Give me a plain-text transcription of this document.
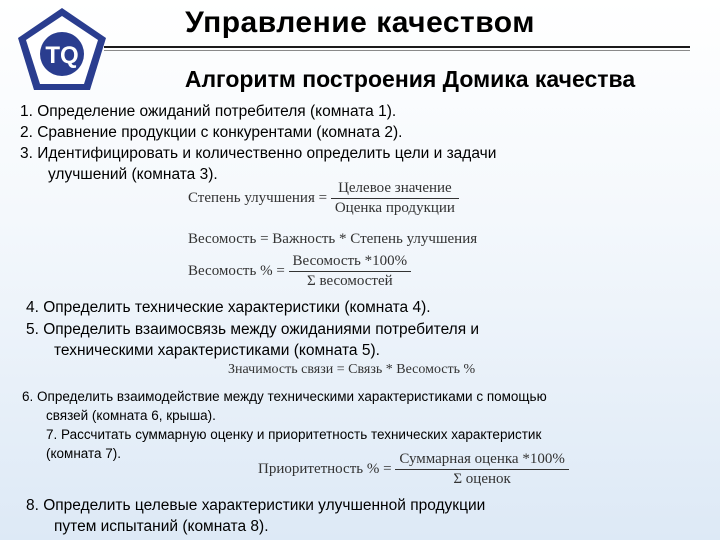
ТQ
Управление качеством
Алгоритм построения Домика качества
1. Определение ожиданий потребителя (комната 1).
2. Сравнение продукции с конкурентами (комната 2).
3. Идентифицировать и количественно определить цели и задачи
улучшений (комната 3).
Степень улучшения = $\frac{\text{Целевое значение}}{\text{Оценка продукции}}$
Весомость = Важность * Степень улучшения
Весомость % = $\frac{\text{Весомость *100\%}}{\text{Σ весомостей}}$
4. Определить технические характеристики (комната 4).
5. Определить взаимосвязь между ожиданиями потребителя и
техническими характеристиками (комната 5).
Значимость связи = Связь * Весомость %
6. Определить взаимодействие между техническими характеристиками с помощью
связей (комната 6, крыша).
7. Рассчитать суммарную оценку и приоритетность технических характеристик
(комната 7).
Приоритетность % = $\frac{\text{Суммарная оценка *100\%}}{\text{Σ оценок}}$
8. Определить целевые характеристики улучшенной продукции
путем испытаний (комната 8).
